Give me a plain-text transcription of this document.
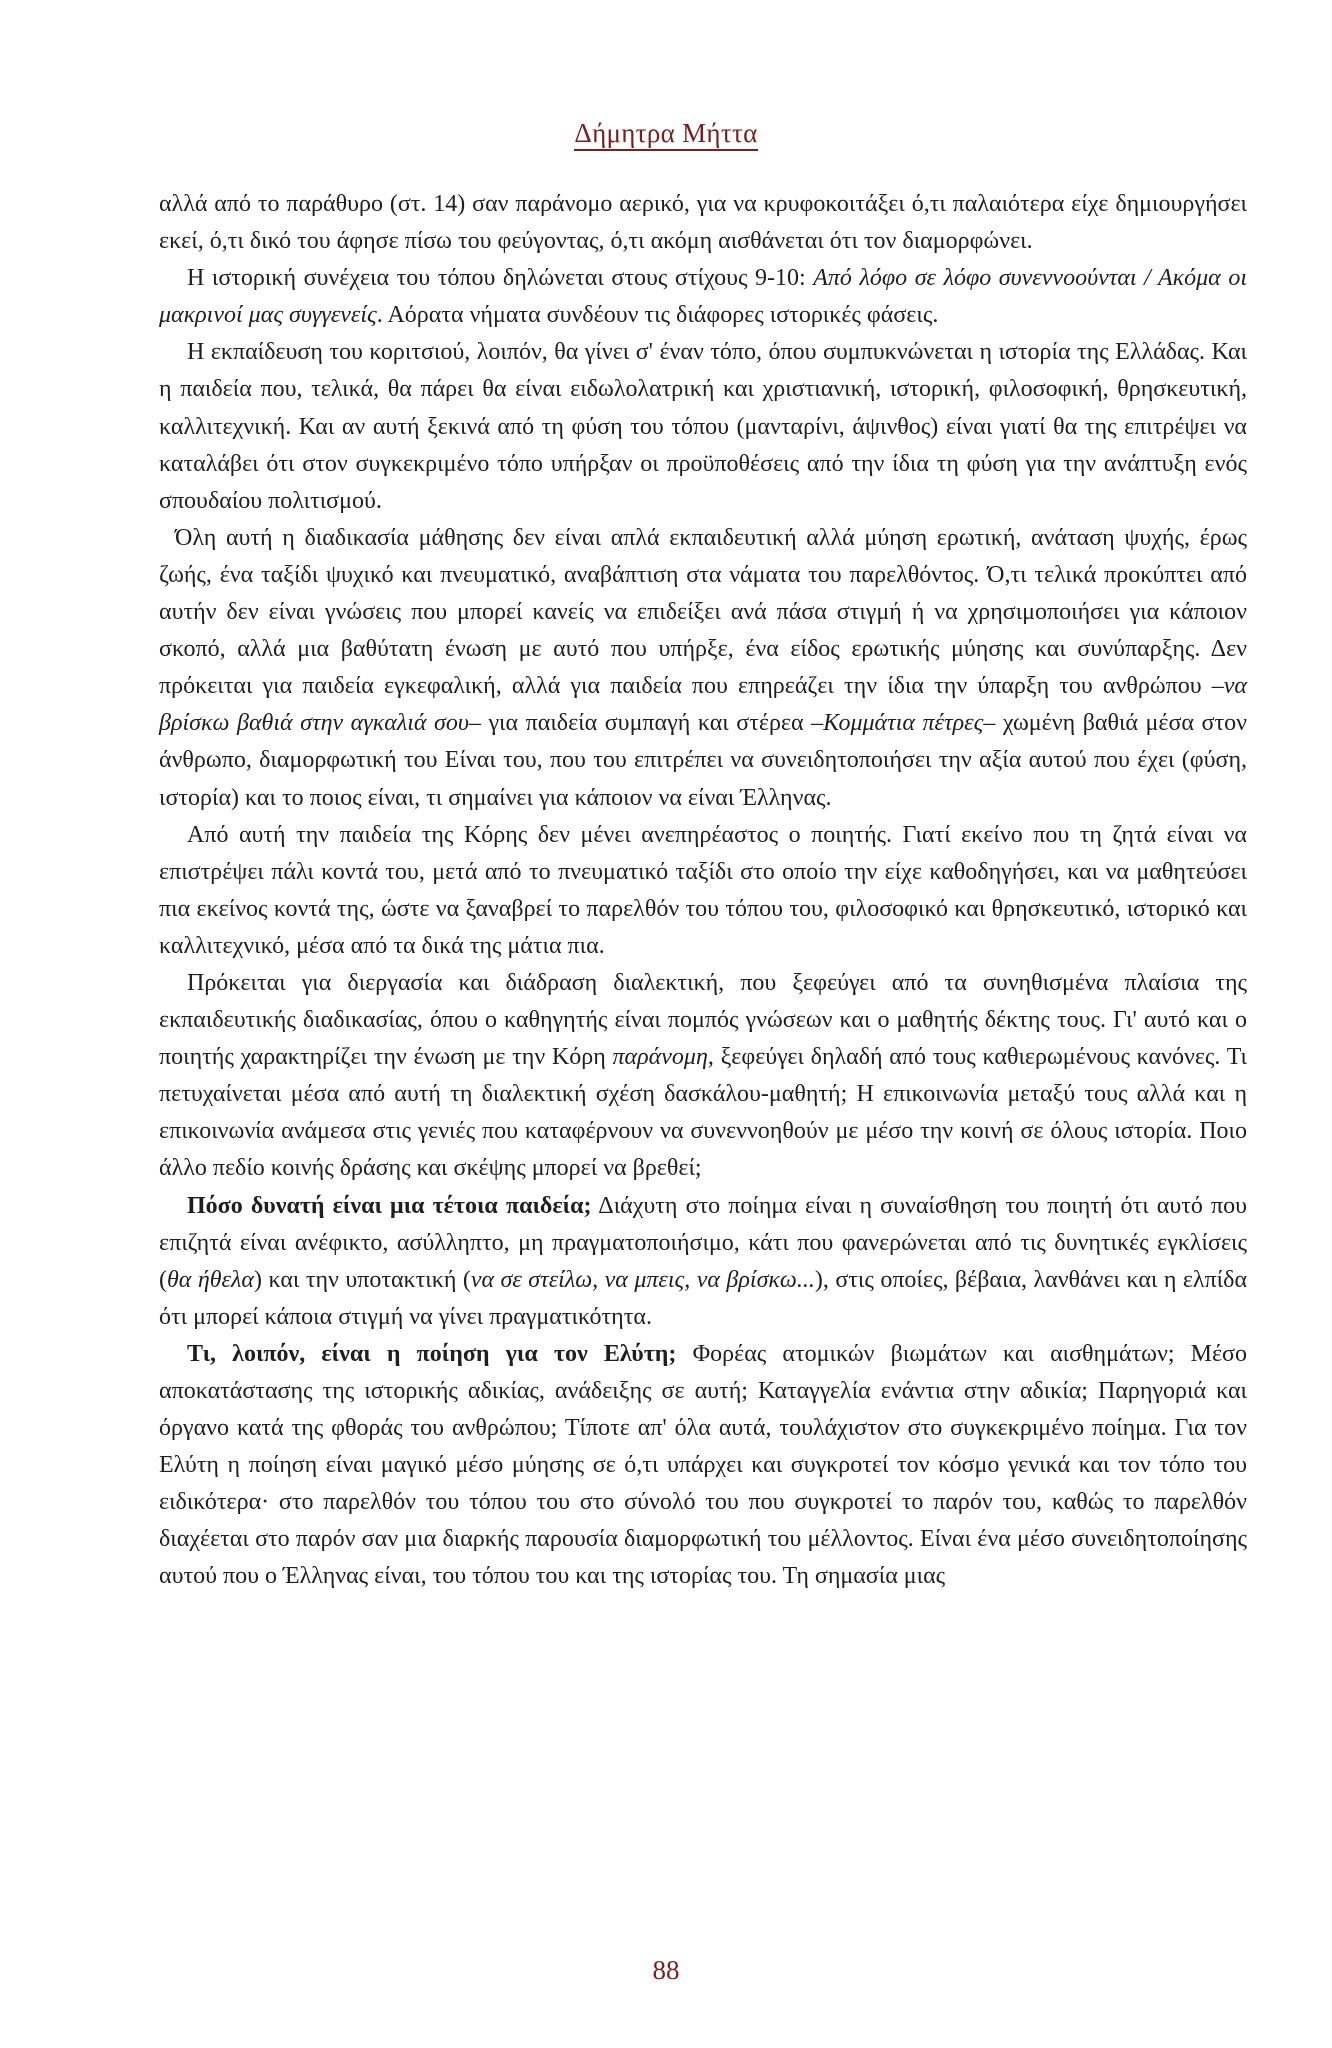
Δήμητρα Μήττα

αλλά από το παράθυρο (στ. 14) σαν παράνομο αερικό, για να κρυφοκοιτάξει ό,τι παλαιότερα είχε δημιουργήσει εκεί, ό,τι δικό του άφησε πίσω του φεύγοντας, ό,τι ακόμη αισθάνεται ότι τον διαμορφώνει.

Η ιστορική συνέχεια του τόπου δηλώνεται στους στίχους 9-10: Από λόφο σε λόφο συνεννοούνται / Ακόμα οι μακρινοί μας συγγενείς. Αόρατα νήματα συνδέουν τις διάφορες ιστορικές φάσεις.

Η εκπαίδευση του κοριτσιού, λοιπόν, θα γίνει σ' έναν τόπο, όπου συμπυκνώνεται η ιστορία της Ελλάδας. Και η παιδεία που, τελικά, θα πάρει θα είναι ειδωλολατρική και χριστιανική, ιστορική, φιλοσοφική, θρησκευτική, καλλιτεχνική. Και αν αυτή ξεκινά από τη φύση του τόπου (μανταρίνι, άψινθος) είναι γιατί θα της επιτρέψει να καταλάβει ότι στον συγκεκριμένο τόπο υπήρξαν οι προϋποθέσεις από την ίδια τη φύση για την ανάπτυξη ενός σπουδαίου πολιτισμού.

Όλη αυτή η διαδικασία μάθησης δεν είναι απλά εκπαιδευτική αλλά μύηση ερωτική, ανάταση ψυχής, έρως ζωής, ένα ταξίδι ψυχικό και πνευματικό, αναβάπτιση στα νάματα του παρελθόντος. Ό,τι τελικά προκύπτει από αυτήν δεν είναι γνώσεις που μπορεί κανείς να επιδείξει ανά πάσα στιγμή ή να χρησιμοποιήσει για κάποιον σκοπό, αλλά μια βαθύτατη ένωση με αυτό που υπήρξε, ένα είδος ερωτικής μύησης και συνύπαρξης. Δεν πρόκειται για παιδεία εγκεφαλική, αλλά για παιδεία που επηρεάζει την ίδια την ύπαρξη του ανθρώπου –να βρίσκω βαθιά στην αγκαλιά σου– για παιδεία συμπαγή και στέρεα –Κομμάτια πέτρες– χωμένη βαθιά μέσα στον άνθρωπο, διαμορφωτική του Είναι του, που του επιτρέπει να συνειδητοποιήσει την αξία αυτού που έχει (φύση, ιστορία) και το ποιος είναι, τι σημαίνει για κάποιον να είναι Έλληνας.

Από αυτή την παιδεία της Κόρης δεν μένει ανεπηρέαστος ο ποιητής. Γιατί εκείνο που τη ζητά είναι να επιστρέψει πάλι κοντά του, μετά από το πνευματικό ταξίδι στο οποίο την είχε καθοδηγήσει, και να μαθητεύσει πια εκείνος κοντά της, ώστε να ξαναβρεί το παρελθόν του τόπου του, φιλοσοφικό και θρησκευτικό, ιστορικό και καλλιτεχνικό, μέσα από τα δικά της μάτια πια.

Πρόκειται για διεργασία και διάδραση διαλεκτική, που ξεφεύγει από τα συνηθισμένα πλαίσια της εκπαιδευτικής διαδικασίας, όπου ο καθηγητής είναι πομπός γνώσεων και ο μαθητής δέκτης τους. Γι' αυτό και ο ποιητής χαρακτηρίζει την ένωση με την Κόρη παράνομη, ξεφεύγει δηλαδή από τους καθιερωμένους κανόνες. Τι πετυχαίνεται μέσα από αυτή τη διαλεκτική σχέση δασκάλου-μαθητή; Η επικοινωνία μεταξύ τους αλλά και η επικοινωνία ανάμεσα στις γενιές που καταφέρνουν να συνεννοηθούν με μέσο την κοινή σε όλους ιστορία. Ποιο άλλο πεδίο κοινής δράσης και σκέψης μπορεί να βρεθεί;

Πόσο δυνατή είναι μια τέτοια παιδεία; Διάχυτη στο ποίημα είναι η συναίσθηση του ποιητή ότι αυτό που επιζητά είναι ανέφικτο, ασύλληπτο, μη πραγματοποιήσιμο, κάτι που φανερώνεται από τις δυνητικές εγκλίσεις (θα ήθελα) και την υποτακτική (να σε στείλω, να μπεις, να βρίσκω...), στις οποίες, βέβαια, λανθάνει και η ελπίδα ότι μπορεί κάποια στιγμή να γίνει πραγματικότητα.

Τι, λοιπόν, είναι η ποίηση για τον Ελύτη; Φορέας ατομικών βιωμάτων και αισθημάτων; Μέσο αποκατάστασης της ιστορικής αδικίας, ανάδειξης σε αυτή; Καταγγελία ενάντια στην αδικία; Παρηγοριά και όργανο κατά της φθοράς του ανθρώπου; Τίποτε απ' όλα αυτά, τουλάχιστον στο συγκεκριμένο ποίημα. Για τον Ελύτη η ποίηση είναι μαγικό μέσο μύησης σε ό,τι υπάρχει και συγκροτεί τον κόσμο γενικά και τον τόπο του ειδικότερα· στο παρελθόν του τόπου του στο σύνολό του που συγκροτεί το παρόν του, καθώς το παρελθόν διαχέεται στο παρόν σαν μια διαρκής παρουσία διαμορφωτική του μέλλοντος. Είναι ένα μέσο συνειδητοποίησης αυτού που ο Έλληνας είναι, του τόπου του και της ιστορίας του. Τη σημασία μιας

88
